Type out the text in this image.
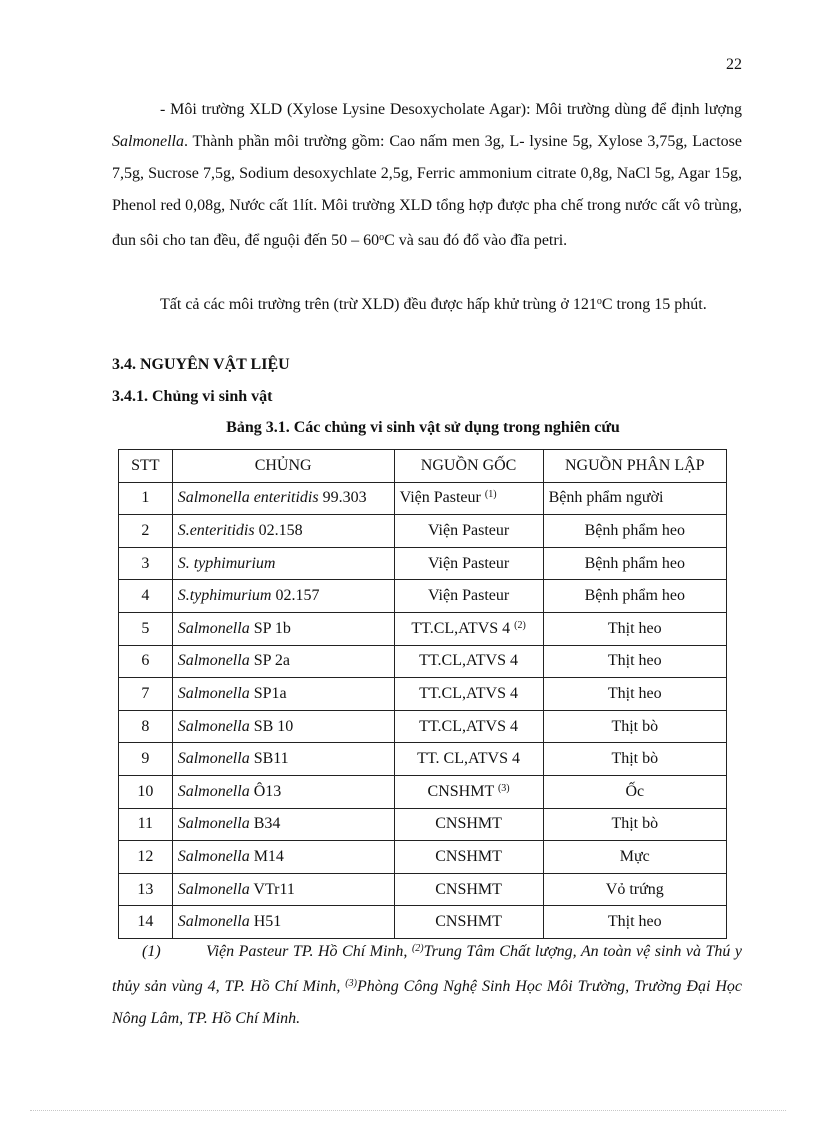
22

- Môi trường XLD (Xylose Lysine Desoxycholate Agar): Môi trường dùng để định lượng Salmonella. Thành phần môi trường gồm: Cao nấm men 3g, L- lysine 5g, Xylose 3,75g, Lactose 7,5g, Sucrose 7,5g, Sodium desoxychlate 2,5g, Ferric ammonium citrate 0,8g, NaCl 5g, Agar 15g, Phenol red 0,08g, Nước cất 1lít. Môi trường XLD tổng hợp được pha chế trong nước cất vô trùng, đun sôi cho tan đều, để nguội đến 50 – 60$^o$C và sau đó đổ vào đĩa petri.

Tất cả các môi trường trên (trừ XLD) đều được hấp khử trùng ở 121$^o$C trong 15 phút.

3.4. NGUYÊN VẬT LIỆU
3.4.1. Chủng vi sinh vật
Bảng 3.1. Các chủng vi sinh vật sử dụng trong nghiên cứu
STT	CHỦNG	NGUỒN GỐC	NGUỒN PHÂN LẬP
1	Salmonella enteritidis 99.303	Viện Pasteur $^{(1)}$	Bệnh phẩm người
2	S.enteritidis 02.158	Viện Pasteur	Bệnh phẩm heo
3	S. typhimurium	Viện Pasteur	Bệnh phẩm heo
4	S.typhimurium 02.157	Viện Pasteur	Bệnh phẩm heo
5	Salmonella SP 1b	TT.CL,ATVS 4 $^{(2)}$	Thịt heo
6	Salmonella SP 2a	TT.CL,ATVS 4	Thịt heo
7	Salmonella SP1a	TT.CL,ATVS 4	Thịt heo
8	Salmonella SB 10	TT.CL,ATVS 4	Thịt bò
9	Salmonella SB11	TT. CL,ATVS 4	Thịt bò
10	Salmonella Ô13	CNSHMT $^{(3)}$	Ốc
11	Salmonella B34	CNSHMT	Thịt bò
12	Salmonella M14	CNSHMT	Mực
13	Salmonella VTr11	CNSHMT	Vỏ trứng
14	Salmonella H51	CNSHMT	Thịt heo

(1)	Viện Pasteur TP. Hồ Chí Minh, $^{(2)}$Trung Tâm Chất lượng, An toàn vệ sinh và Thú y thủy sản vùng 4, TP. Hồ Chí Minh, $^{(3)}$Phòng Công Nghệ Sinh Học Môi Trường, Trường Đại Học Nông Lâm, TP. Hồ Chí Minh.
